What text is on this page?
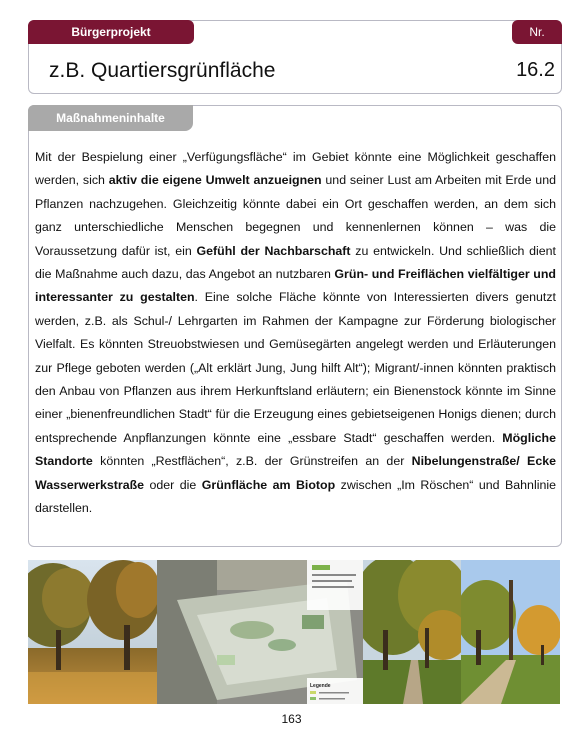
Bürgerprojekt	Nr.
z.B. Quartiersgrünfläche	16.2
Maßnahmeninhalte
Mit der Bespielung einer „Verfügungsfläche“ im Gebiet könnte eine Möglichkeit geschaffen werden, sich aktiv die eigene Umwelt anzueignen und seiner Lust am Arbeiten mit Erde und Pflanzen nachzugehen. Gleichzeitig könnte dabei ein Ort geschaffen werden, an dem sich ganz unterschiedliche Menschen begegnen und kennenlernen können – was die Voraussetzung dafür ist, ein Gefühl der Nachbarschaft zu entwickeln. Und schließlich dient die Maßnahme auch dazu, das Angebot an nutzbaren Grün- und Freiflächen vielfältiger und interessanter zu gestalten. Eine solche Fläche könnte von Interessierten divers genutzt werden, z.B. als Schul-/ Lehrgarten im Rahmen der Kampagne zur Förderung biologischer Vielfalt. Es könnten Streuobstwiesen und Gemüsegärten angelegt werden und Erläuterungen zur Pflege geboten werden („Alt erklärt Jung, Jung hilft Alt“); Migrant/-innen könnten praktisch den Anbau von Pflanzen aus ihrem Herkunftsland erläutern; ein Bienenstock könnte im Sinne einer „bienenfreundlichen Stadt“ für die Erzeugung eines gebietseigenen Honigs dienen; durch entsprechende Anpflanzungen könnte eine „essbare Stadt“ geschaffen werden. Mögliche Standorte könnten „Restflächen“, z.B. der Grünstreifen an der Nibelungenstraße/ Ecke Wasserwerkstraße oder die Grünfläche am Biotop zwischen „Im Röschen“ und Bahnlinie darstellen.
Legende
163
